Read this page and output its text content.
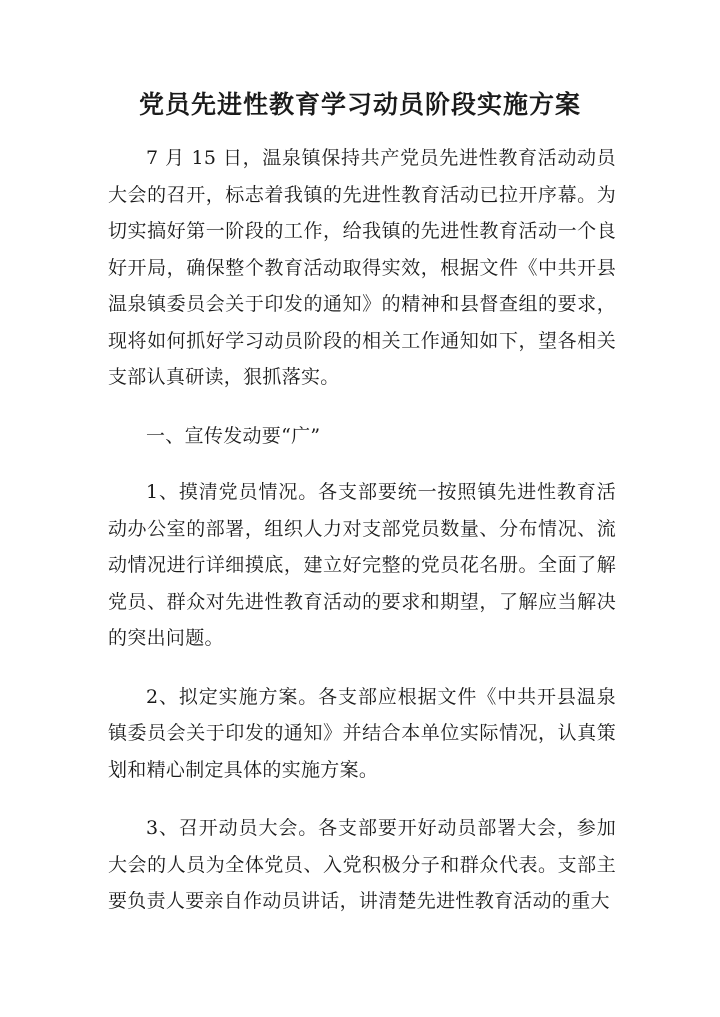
党员先进性教育学习动员阶段实施方案

7 月 15 日，温泉镇保持共产党员先进性教育活动动员大会的召开，标志着我镇的先进性教育活动已拉开序幕。为切实搞好第一阶段的工作，给我镇的先进性教育活动一个良好开局，确保整个教育活动取得实效，根据文件《中共开县温泉镇委员会关于印发的通知》的精神和县督查组的要求，现将如何抓好学习动员阶段的相关工作通知如下，望各相关支部认真研读，狠抓落实。

一、宣传发动要“广”

1、摸清党员情况。各支部要统一按照镇先进性教育活动办公室的部署，组织人力对支部党员数量、分布情况、流动情况进行详细摸底，建立好完整的党员花名册。全面了解党员、群众对先进性教育活动的要求和期望，了解应当解决的突出问题。

2、拟定实施方案。各支部应根据文件《中共开县温泉镇委员会关于印发的通知》并结合本单位实际情况，认真策划和精心制定具体的实施方案。

3、召开动员大会。各支部要开好动员部署大会，参加大会的人员为全体党员、入党积极分子和群众代表。支部主要负责人要亲自作动员讲话，讲清楚先进性教育活动的重大
